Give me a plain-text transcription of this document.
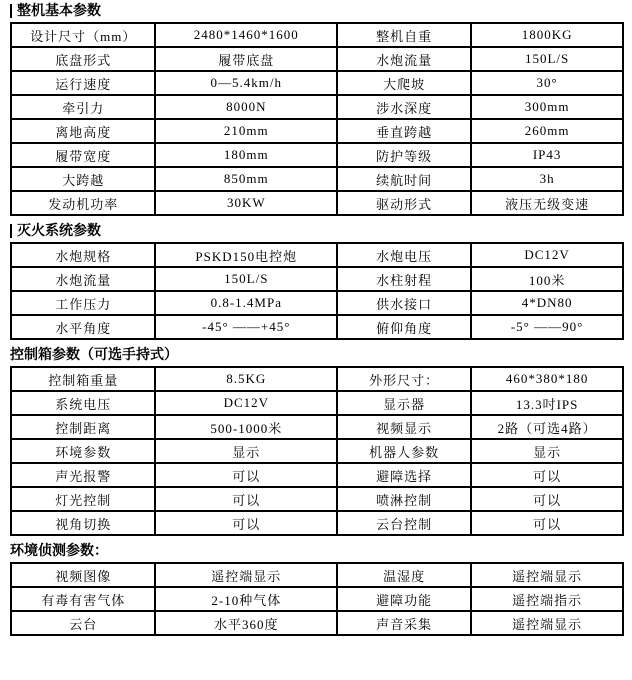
整机基本参数
设计尺寸（mm）	2480*1460*1600	整机自重	1800KG
底盘形式	履带底盘	水炮流量	150L/S
运行速度	0—5.4km/h	大爬坡	30°
牵引力	8000N	涉水深度	300mm
离地高度	210mm	垂直跨越	260mm
履带宽度	180mm	防护等级	IP43
大跨越	850mm	续航时间	3h
发动机功率	30KW	驱动形式	液压无级变速
灭火系统参数
水炮规格	PSKD150电控炮	水炮电压	DC12V
水炮流量	150L/S	水柱射程	100米
工作压力	0.8-1.4MPa	供水接口	4*DN80
水平角度	-45° ——+45°	俯仰角度	-5° ——90°
控制箱参数（可选手持式）
控制箱重量	8.5KG	外形尺寸：	460*380*180
系统电压	DC12V	显示器	13.3吋IPS
控制距离	500-1000米	视频显示	2路（可选4路）
环境参数	显示	机器人参数	显示
声光报警	可以	避障选择	可以
灯光控制	可以	喷淋控制	可以
视角切换	可以	云台控制	可以
环境侦测参数：
视频图像	遥控端显示	温湿度	遥控端显示
有毒有害气体	2-10种气体	避障功能	遥控端指示
云台	水平360度	声音采集	遥控端显示
